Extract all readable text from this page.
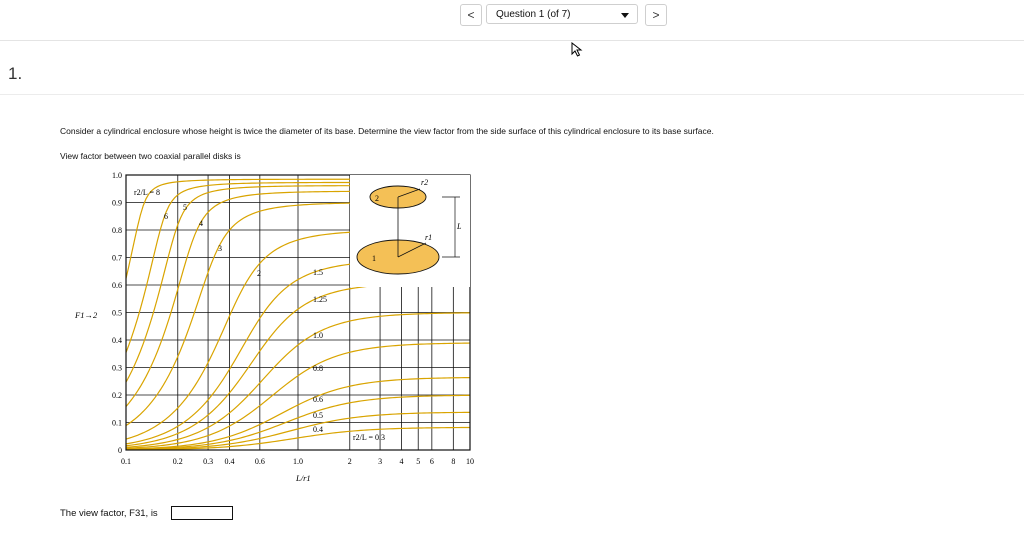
<	Question 1 (of 7)	>
1.
Consider a cylindrical enclosure whose height is twice the diameter of its base. Determine the view factor from the side surface of this cylindrical enclosure to its base surface.
View factor between two coaxial parallel disks is
1.0
0.9
0.8
0.7
0.6
0.5
0.4
0.3
0.2
0.1
0
0.1	0.2	0.3 0.4	0.6	1.0	2	3 4 5 6 8 10
F1→2
L/r1
r2/L = 8
6
5
4
3
2	1.5
1.25
1.0
0.8
0.6
0.5
0.4
r2/L = 0.3
r2
r1
L
2
1
The view factor, F31, is
